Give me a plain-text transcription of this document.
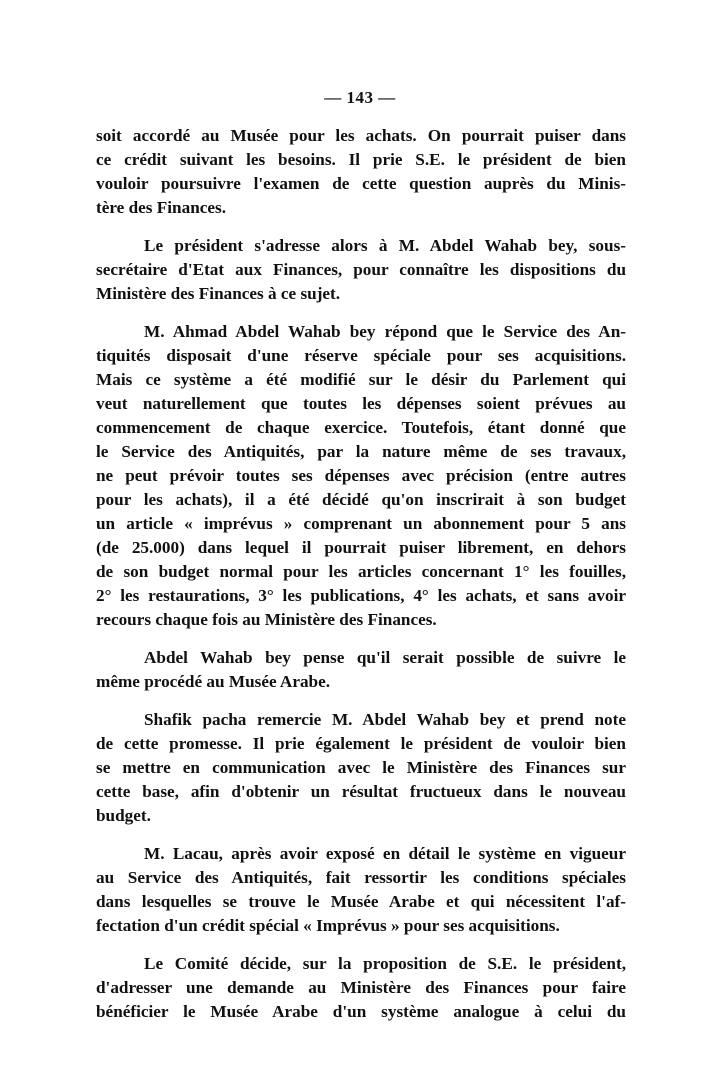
— 143 —
soit accordé au Musée pour les achats. On pourrait puiser dans
ce crédit suivant les besoins. Il prie S.E. le président de bien
vouloir poursuivre l'examen de cette question auprès du Minis-
tère des Finances.
Le président s'adresse alors à M. Abdel Wahab bey, sous-
secrétaire d'Etat aux Finances, pour connaître les dispositions du
Ministère des Finances à ce sujet.
M. Ahmad Abdel Wahab bey répond que le Service des An-
tiquités disposait d'une réserve spéciale pour ses acquisitions.
Mais ce système a été modifié sur le désir du Parlement qui
veut naturellement que toutes les dépenses soient prévues au
commencement de chaque exercice. Toutefois, étant donné que
le Service des Antiquités, par la nature même de ses travaux,
ne peut prévoir toutes ses dépenses avec précision (entre autres
pour les achats), il a été décidé qu'on inscrirait à son budget
un article « imprévus » comprenant un abonnement pour 5 ans
(de 25.000) dans lequel il pourrait puiser librement, en dehors
de son budget normal pour les articles concernant 1° les fouilles,
2° les restaurations, 3° les publications, 4° les achats, et sans avoir
recours chaque fois au Ministère des Finances.
Abdel Wahab bey pense qu'il serait possible de suivre le
même procédé au Musée Arabe.
Shafik pacha remercie M. Abdel Wahab bey et prend note
de cette promesse. Il prie également le président de vouloir bien
se mettre en communication avec le Ministère des Finances sur
cette base, afin d'obtenir un résultat fructueux dans le nouveau
budget.
M. Lacau, après avoir exposé en détail le système en vigueur
au Service des Antiquités, fait ressortir les conditions spéciales
dans lesquelles se trouve le Musée Arabe et qui nécessitent l'af-
fectation d'un crédit spécial « Imprévus » pour ses acquisitions.
Le Comité décide, sur la proposition de S.E. le président,
d'adresser une demande au Ministère des Finances pour faire
bénéficier le Musée Arabe d'un système analogue à celui du
